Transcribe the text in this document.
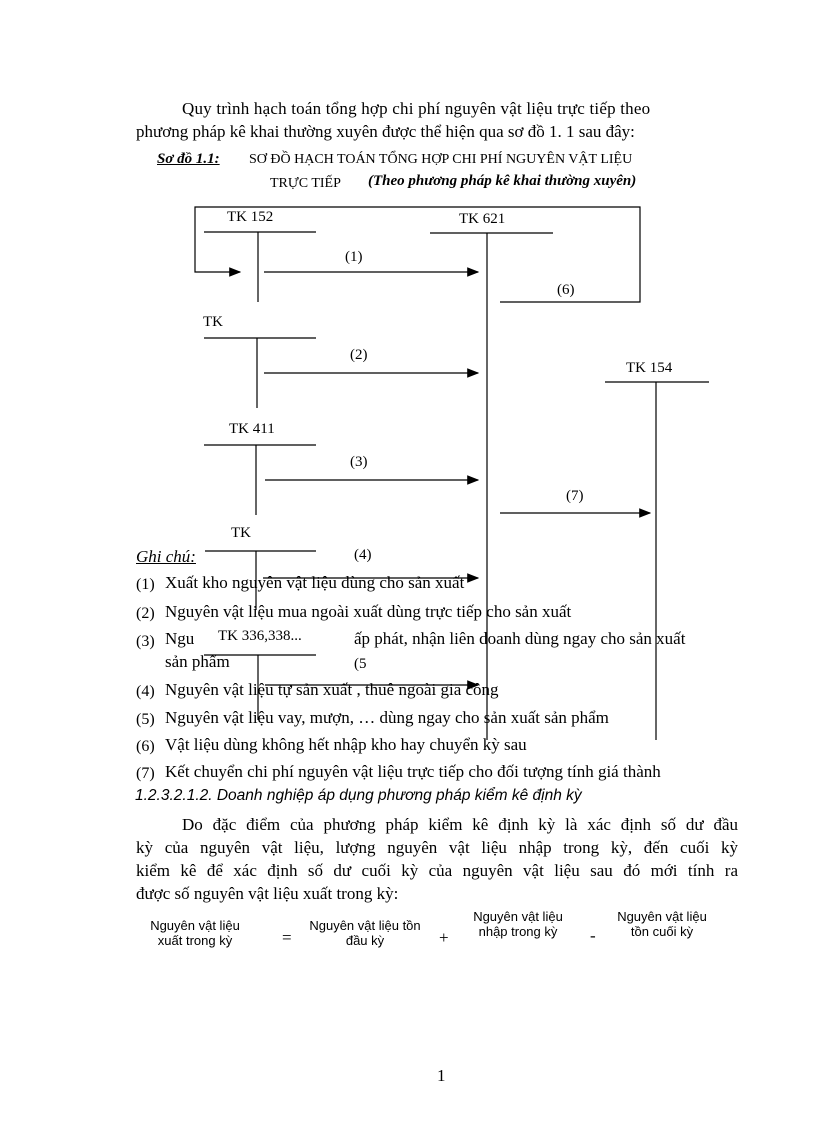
Quy trình hạch toán tổng hợp chi phí nguyên vật liệu trực tiếp theo
phương pháp kê khai thường xuyên được thể hiện qua sơ đồ 1. 1 sau đây:
Sơ đồ 1.1: SƠ ĐỒ HẠCH TOÁN TỔNG HỢP CHI PHÍ NGUYÊN VẬT LIỆU
TRỰC TIẾP (Theo phương pháp kê khai thường xuyên)
TK 152	TK 621
(1)
(6)
TK
(2)
TK 154
TK 411
(3)
(7)
TK
(4)
TK 336,338...
(5
Ghi chú:
(1) Xuất kho nguyên vật liệu dùng cho sản xuất
(2) Nguyên vật liệu mua ngoài xuất dùng trực tiếp cho sản xuất
(3) Ngu	ấp phát, nhận liên doanh dùng ngay cho sản xuất
sản phẩm
(4) Nguyên vật liệu tự sản xuất , thuê ngoài gia công
(5) Nguyên vật liệu vay, mượn, … dùng ngay cho sản xuất sản phẩm
(6) Vật liệu dùng không hết nhập kho hay chuyển kỳ sau
(7) Kết chuyển chi phí nguyên vật liệu trực tiếp cho đối tượng tính giá thành
1.2.3.2.1.2. Doanh nghiệp áp dụng phương pháp kiểm kê định kỳ
Do đặc điểm của phương pháp kiểm kê định kỳ là xác định số dư đầu
kỳ của nguyên vật liệu, lượng nguyên vật liệu nhập trong kỳ, đến cuối kỳ
kiểm kê để xác định số dư cuối kỳ của nguyên vật liệu sau đó mới tính ra
được số nguyên vật liệu xuất trong kỳ:
Nguyên vật liệu xuất trong kỳ	=
Nguyên vật liệu tồn đầu kỳ	+
Nguyên vật liệu nhập trong kỳ	-
Nguyên vật liệu tồn cuối kỳ
1
